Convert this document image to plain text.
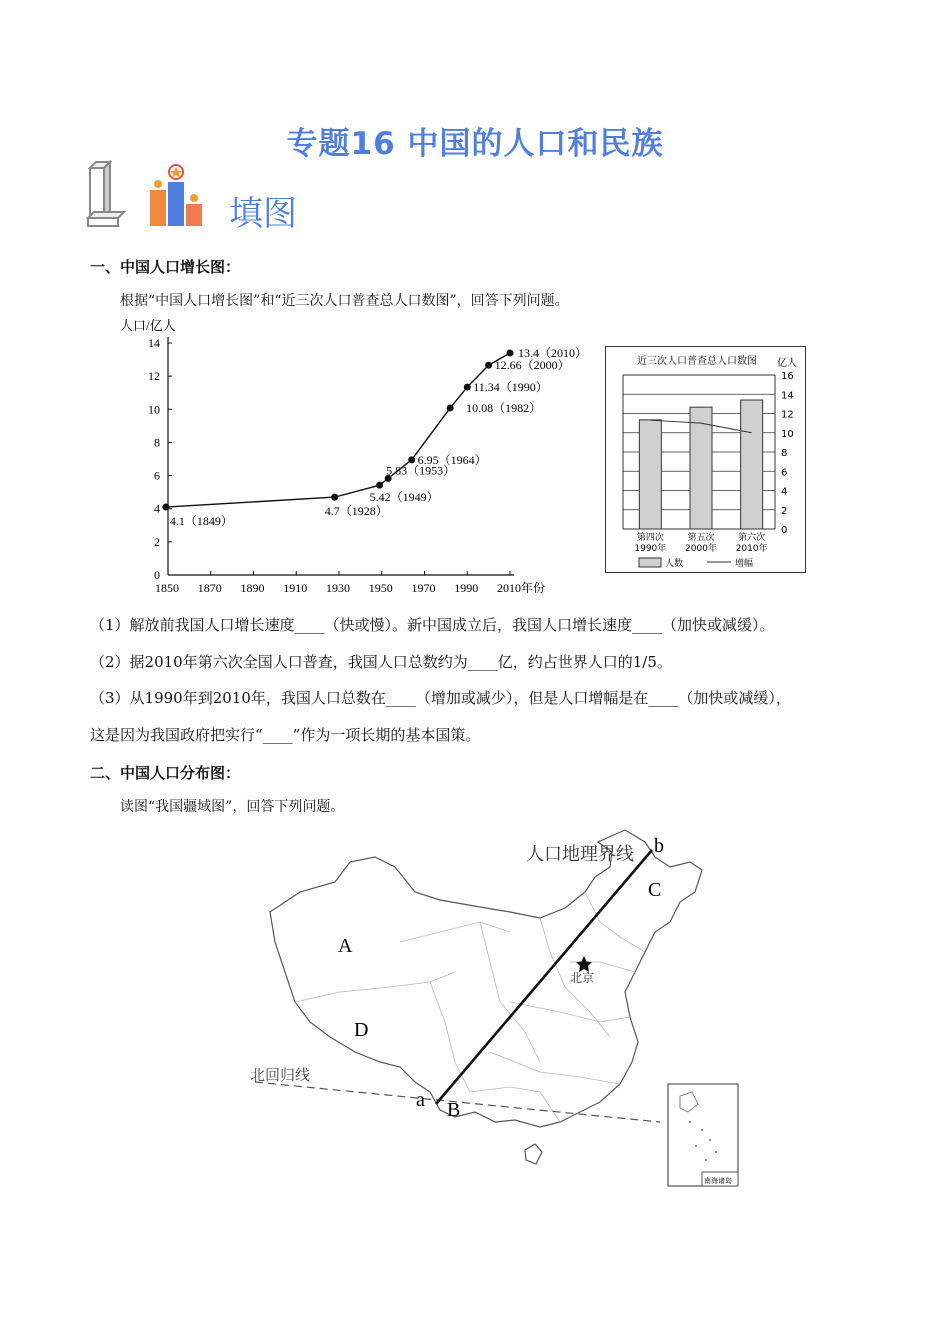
专题16 中国的人口和民族
填图
一、中国人口增长图：
根据“中国人口增长图”和“近三次人口普查总人口数图”，回答下列问题。
人口/亿人
0
2
4
6
8
10
12
14
1850 1870 1890 1910 1930 1950 1970 1990 2010年份
4.1（1849）
4.7（1928）
5.42（1949）
5.83（1953）
6.95（1964）
10.08（1982）
11.34（1990）
12.66（2000）
13.4（2010）
近三次人口普查总人口数图 亿人
0
2
4
6
8
10
12
14
16
第四次
1990年
第五次
2000年
第六次
2010年
人数	增幅
（1）解放前我国人口增长速度____（快或慢）。新中国成立后，我国人口增长速度____（加快或减缓）。
（2）据2010年第六次全国人口普查，我国人口总数约为____亿，约占世界人口的1/5。
（3）从1990年到2010年，我国人口总数在____（增加或减少），但是人口增幅是在____（加快或减缓），
这是因为我国政府把实行“____”作为一项长期的基本国策。
二、中国人口分布图：
读图“我国疆域图”，回答下列问题。
人口地理界线 b
a
A
B
C
D
北回归线
北京
南海诸岛
